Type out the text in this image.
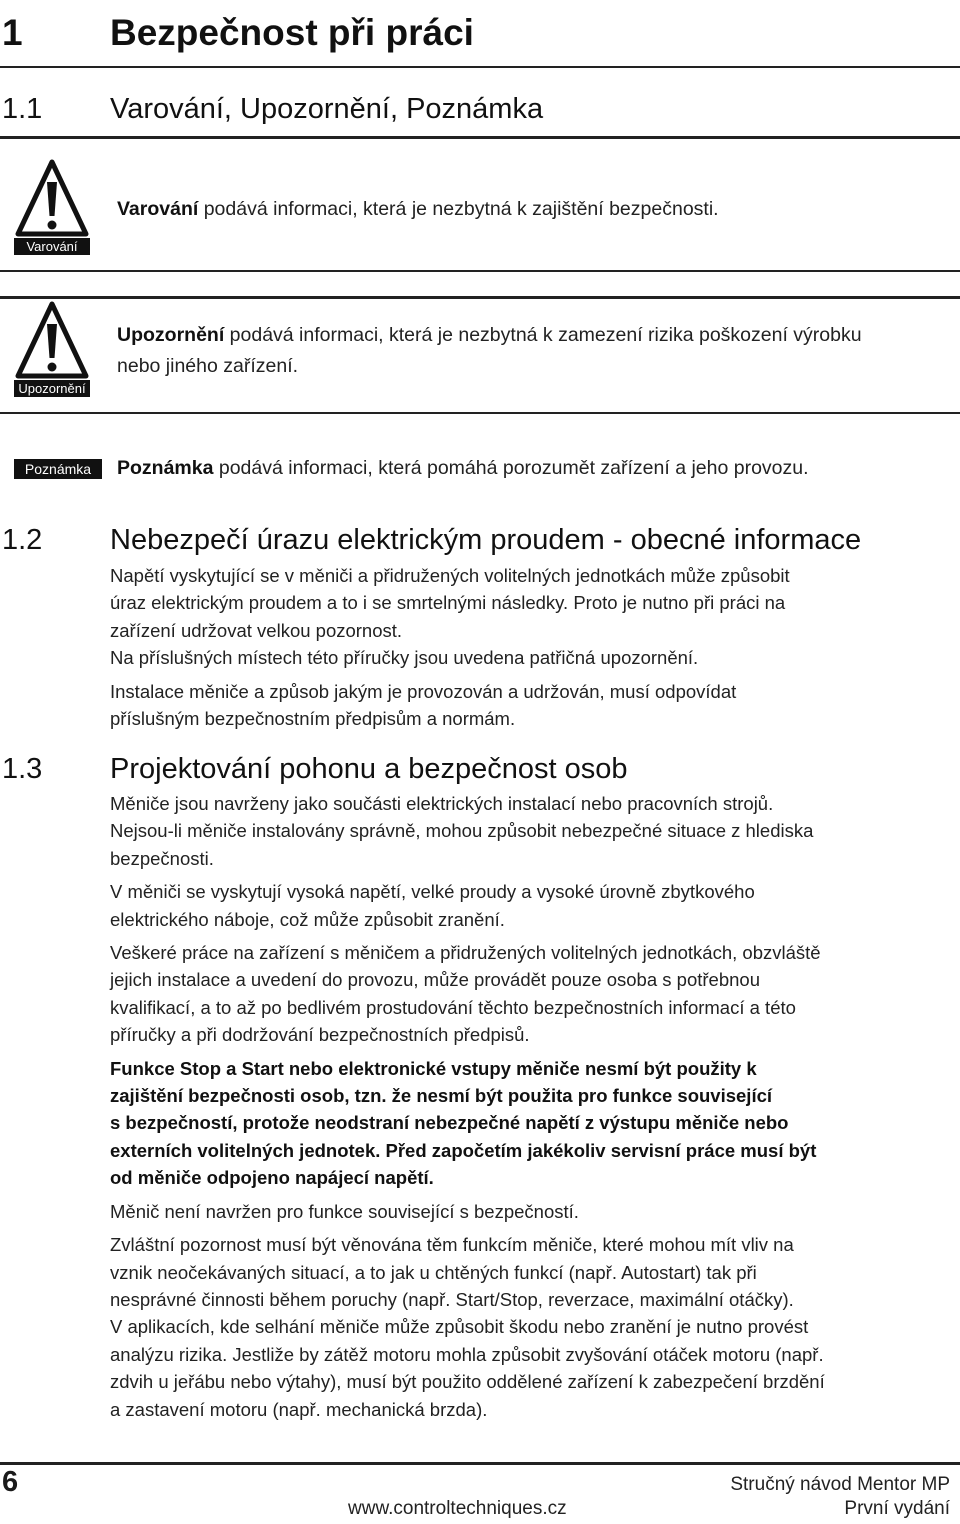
1 Bezpečnost při práci
1.1 Varování, Upozornění, Poznámka
Varování
Varování podává informaci, která je nezbytná k zajištění bezpečnosti.
Upozornění
Upozornění podává informaci, která je nezbytná k zamezení rizika poškození výrobku
nebo jiného zařízení.
Poznámka	Poznámka podává informaci, která pomáhá porozumět zařízení a jeho provozu.
1.2 Nebezpečí úrazu elektrickým proudem - obecné informace

Napětí vyskytující se v měniči a přidružených volitelných jednotkách může způsobit

úraz elektrickým proudem a to i se smrtelnými následky. Proto je nutno při práci na

zařízení udržovat velkou pozornost.

Na příslušných místech této příručky jsou uvedena patřičná upozornění.

Instalace měniče a způsob jakým je provozován a udržován, musí odpovídat

příslušným bezpečnostním předpisům a normám.

1.3 Projektování pohonu a bezpečnost osob

Měniče jsou navrženy jako součásti elektrických instalací nebo pracovních strojů.

Nejsou-li měniče instalovány správně, mohou způsobit nebezpečné situace z hlediska

bezpečnosti.

V měniči se vyskytují vysoká napětí, velké proudy a vysoké úrovně zbytkového

elektrického náboje, což může způsobit zranění.

Veškeré práce na zařízení s měničem a přidružených volitelných jednotkách, obzvláště

jejich instalace a uvedení do provozu, může provádět pouze osoba s potřebnou

kvalifikací, a to až po bedlivém prostudování těchto bezpečnostních informací a této

příručky a při dodržování bezpečnostních předpisů.

Funkce Stop a Start nebo elektronické vstupy měniče nesmí být použity k

zajištění bezpečnosti osob, tzn. že nesmí být použita pro funkce související

s bezpečností, protože neodstraní nebezpečné napětí z výstupu měniče nebo

externích volitelných jednotek. Před započetím jakékoliv servisní práce musí být

od měniče odpojeno napájecí napětí.

Měnič není navržen pro funkce související s bezpečností.

Zvláštní pozornost musí být věnována těm funkcím měniče, které mohou mít vliv na

vznik neočekávaných situací, a to jak u chtěných funkcí (např. Autostart) tak při

nesprávné činnosti během poruchy (např. Start/Stop, reverzace, maximální otáčky).

V aplikacích, kde selhání měniče může způsobit škodu nebo zranění je nutno provést

analýzu rizika. Jestliže by zátěž motoru mohla způsobit zvyšování otáček motoru (např.

zdvih u jeřábu nebo výtahy), musí být použito oddělené zařízení k zabezpečení brzdění

a zastavení motoru (např. mechanická brzda).

6
www.controltechniques.cz
Stručný návod Mentor MP
První vydání
